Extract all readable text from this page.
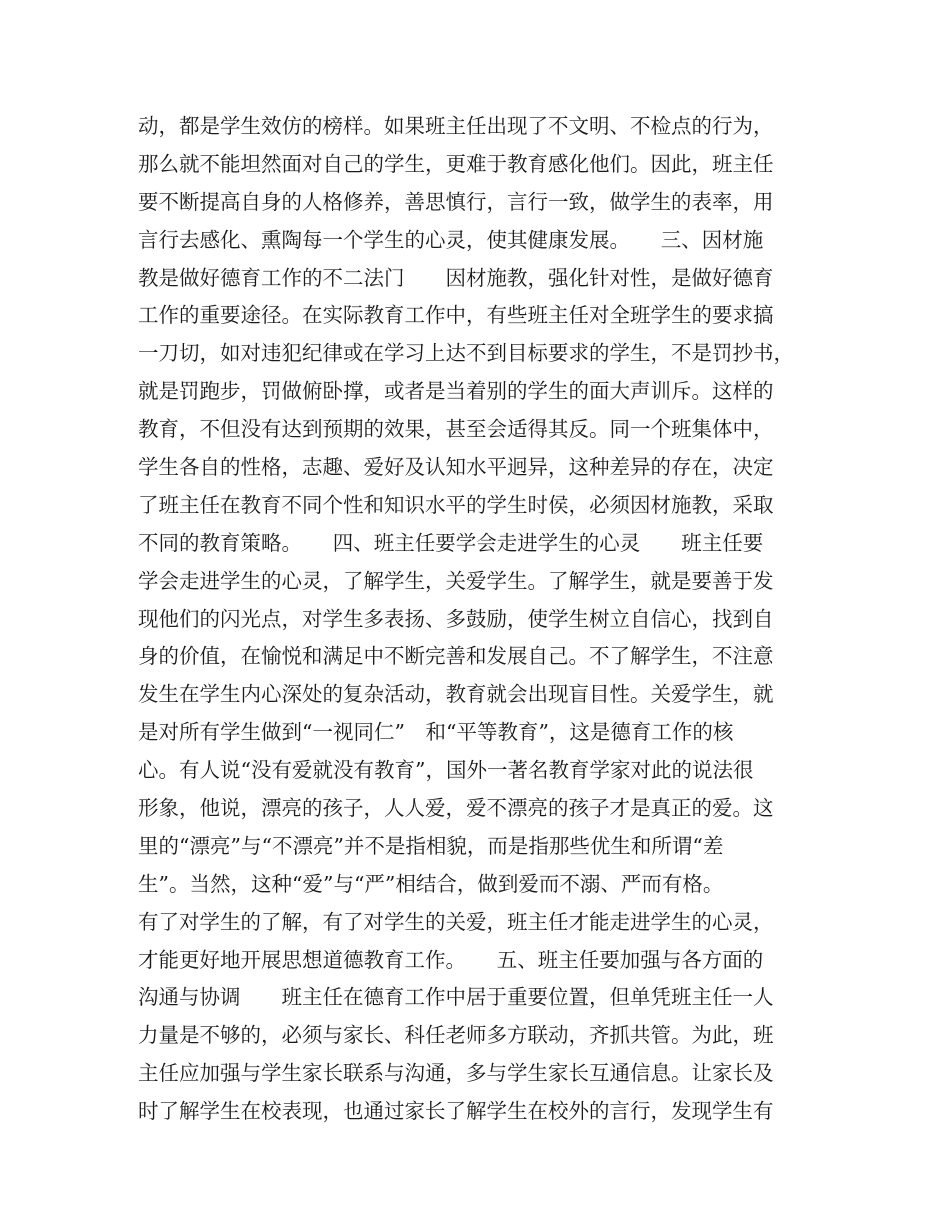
动，都是学生效仿的榜样。如果班主任出现了不文明、不检点的行为，
那么就不能坦然面对自己的学生，更难于教育感化他们。因此，班主任
要不断提高自身的人格修养，善思慎行，言行一致，做学生的表率，用
言行去感化、熏陶每一个学生的心灵，使其健康发展。　　三、因材施
教是做好德育工作的不二法门　　因材施教，强化针对性，是做好德育
工作的重要途径。在实际教育工作中，有些班主任对全班学生的要求搞
一刀切，如对违犯纪律或在学习上达不到目标要求的学生，不是罚抄书，
就是罚跑步，罚做俯卧撑，或者是当着别的学生的面大声训斥。这样的
教育，不但没有达到预期的效果，甚至会适得其反。同一个班集体中，
学生各自的性格，志趣、爱好及认知水平迥异，这种差异的存在，决定
了班主任在教育不同个性和知识水平的学生时侯，必须因材施教，采取
不同的教育策略。　　四、班主任要学会走进学生的心灵　　班主任要
学会走进学生的心灵，了解学生，关爱学生。了解学生，就是要善于发
现他们的闪光点，对学生多表扬、多鼓励，使学生树立自信心，找到自
身的价值，在愉悦和满足中不断完善和发展自己。不了解学生，不注意
发生在学生内心深处的复杂活动，教育就会出现盲目性。关爱学生，就
是对所有学生做到“一视同仁”　和“平等教育”，这是德育工作的核
心。有人说“没有爱就没有教育”，国外一著名教育学家对此的说法很
形象，他说，漂亮的孩子，人人爱，爱不漂亮的孩子才是真正的爱。这
里的“漂亮”与“不漂亮”并不是指相貌，而是指那些优生和所谓“差
生”。当然，这种“爱”与“严”相结合，做到爱而不溺、严而有格。
有了对学生的了解，有了对学生的关爱，班主任才能走进学生的心灵，
才能更好地开展思想道德教育工作。　　五、班主任要加强与各方面的
沟通与协调　　班主任在德育工作中居于重要位置，但单凭班主任一人
力量是不够的，必须与家长、科任老师多方联动，齐抓共管。为此，班
主任应加强与学生家长联系与沟通，多与学生家长互通信息。让家长及
时了解学生在校表现，也通过家长了解学生在校外的言行，发现学生有
